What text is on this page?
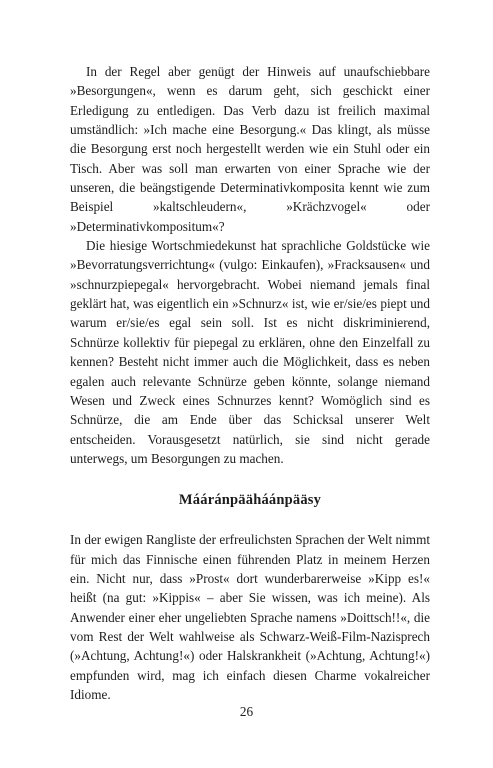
In der Regel aber genügt der Hinweis auf unaufschiebbare »Besorgungen«, wenn es darum geht, sich geschickt einer Erledigung zu entledigen. Das Verb dazu ist freilich maximal umständlich: »Ich mache eine Besorgung.« Das klingt, als müsse die Besorgung erst noch hergestellt werden wie ein Stuhl oder ein Tisch. Aber was soll man erwarten von einer Sprache wie der unseren, die beängstigende Determinativkomposita kennt wie zum Beispiel »kaltschleudern«, »Krächzvogel« oder »Determinativkompositum«?

Die hiesige Wortschmiedekunst hat sprachliche Goldstücke wie »Bevorratungsverrichtung« (vulgo: Einkaufen), »Fracksausen« und »schnurzpiepegal« hervorgebracht. Wobei niemand jemals final geklärt hat, was eigentlich ein »Schnurz« ist, wie er/sie/es piept und warum er/sie/es egal sein soll. Ist es nicht diskriminierend, Schnürze kollektiv für piepegal zu erklären, ohne den Einzelfall zu kennen? Besteht nicht immer auch die Möglichkeit, dass es neben egalen auch relevante Schnürze geben könnte, solange niemand Wesen und Zweck eines Schnurzes kennt? Womöglich sind es Schnürze, die am Ende über das Schicksal unserer Welt entscheiden. Vorausgesetzt natürlich, sie sind nicht gerade unterwegs, um Besorgungen zu machen.

Mááránpääháánpääsy

In der ewigen Rangliste der erfreulichsten Sprachen der Welt nimmt für mich das Finnische einen führenden Platz in meinem Herzen ein. Nicht nur, dass »Prost« dort wunderbarerweise »Kipp es!« heißt (na gut: »Kippis« – aber Sie wissen, was ich meine). Als Anwender einer eher ungeliebten Sprache namens »Doittsch!!«, die vom Rest der Welt wahlweise als Schwarz-Weiß-Film-Nazisprech (»Achtung, Achtung!«) oder Halskrankheit (»Achtung, Achtung!«) empfunden wird, mag ich einfach diesen Charme vokalreicher Idiome.

26
